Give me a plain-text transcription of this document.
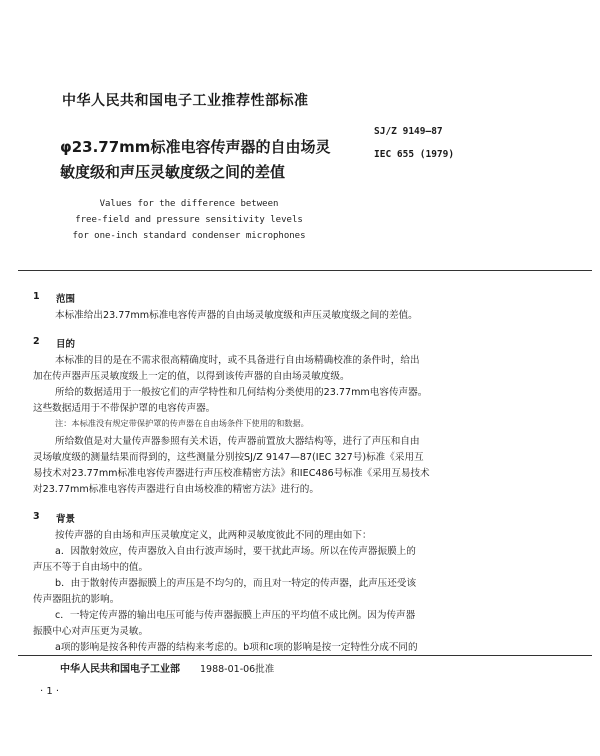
中华人民共和国电子工业推荐性部标准
φ23.77mm标准电容传声器的自由场灵
敏度级和声压灵敏度级之间的差值
SJ/Z 9149—87
IEC 655 (1979)
Values for the difference between
free-field and pressure sensitivity levels
for one-inch standard condenser microphones
1 范围
本标准给出23.77mm标准电容传声器的自由场灵敏度级和声压灵敏度级之间的差值。
2 目的
本标准的目的是在不需求很高精确度时，或不具备进行自由场精确校准的条件时，给出
加在传声器声压灵敏度级上一定的值，以得到该传声器的自由场灵敏度级。
所给的数据适用于一般按它们的声学特性和几何结构分类使用的23.77mm电容传声器。
这些数据适用于不带保护罩的电容传声器。
注：本标准没有规定带保护罩的传声器在自由场条件下使用的和数据。
所给数值是对大量传声器参照有关术语，传声器前置放大器结构等，进行了声压和自由
灵场敏度级的测量结果而得到的，这些测量分别按SJ/Z 9147—87(IEC 327号)标准《采用互
易技术对23.77mm标准电容传声器进行声压校准精密方法》和IEC486号标准《采用互易技术
对23.77mm标准电容传声器进行自由场校准的精密方法》进行的。
3 背景
按传声器的自由场和声压灵敏度定义，此两种灵敏度彼此不同的理由如下：
a．因散射效应，传声器放入自由行波声场时，要干扰此声场。所以在传声器振膜上的
声压不等于自由场中的值。
b．由于散射传声器振膜上的声压是不均匀的，而且对一特定的传声器，此声压还受该
传声器阻抗的影响。
c．一特定传声器的输出电压可能与传声器振膜上声压的平均值不成比例。因为传声器
振膜中心对声压更为灵敏。
a项的影响是按各种传声器的结构来考虑的。b项和c项的影响是按一定特性分成不同的
中华人民共和国电子工业部 1988-01-06批准
· 1 ·
